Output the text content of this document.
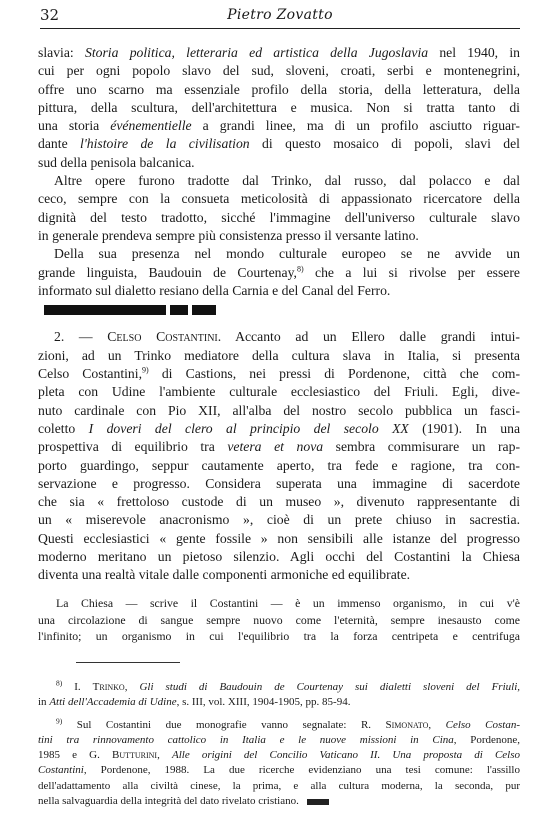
32	Pietro Zovatto
slavia: Storia politica, letteraria ed artistica della Jugoslavia nel 1940, in
cui per ogni popolo slavo del sud, sloveni, croati, serbi e montenegrini,
offre uno scarno ma essenziale profilo della storia, della letteratura, della
pittura, della scultura, dell'architettura e musica. Non si tratta tanto di
una storia événementielle a grandi linee, ma di un profilo asciutto riguar-
dante l'histoire de la civilisation di questo mosaico di popoli, slavi del
sud della penisola balcanica.
Altre opere furono tradotte dal Trinko, dal russo, dal polacco e dal
ceco, sempre con la consueta meticolosità di appassionato ricercatore della
dignità del testo tradotto, sicché l'immagine dell'universo culturale slavo
in generale prendeva sempre più consistenza presso il versante latino.
Della sua presenza nel mondo culturale europeo se ne avvide un
grande linguista, Baudouin de Courtenay,$^{8)}$ che a lui si rivolse per essere
informato sul dialetto resiano della Carnia e del Canal del Ferro.
2. — Celso Costantini. Accanto ad un Ellero dalle grandi intui-
zioni, ad un Trinko mediatore della cultura slava in Italia, si presenta
Celso Costantini,$^{9)}$ di Castions, nei pressi di Pordenone, città che com-
pleta con Udine l'ambiente culturale ecclesiastico del Friuli. Egli, dive-
nuto cardinale con Pio XII, all'alba del nostro secolo pubblica un fasci-
coletto I doveri del clero al principio del secolo XX (1901). In una
prospettiva di equilibrio tra vetera et nova sembra commisurare un rap-
porto guardingo, seppur cautamente aperto, tra fede e ragione, tra con-
servazione e progresso. Considera superata una immagine di sacerdote
che sia « frettoloso custode di un museo », divenuto rappresentante di
un « miserevole anacronismo », cioè di un prete chiuso in sacrestia.
Questi ecclesiastici « gente fossile » non sensibili alle istanze del progresso
moderno meritano un pietoso silenzio. Agli occhi del Costantini la Chiesa
diventa una realtà vitale dalle componenti armoniche ed equilibrate.
La Chiesa — scrive il Costantini — è un immenso organismo, in cui v'è
una circolazione di sangue sempre nuovo come l'eternità, sempre inesausto come
l'infinito; un organismo in cui l'equilibrio tra la forza centripeta e centrifuga
$^{8)}$ I. Trinko, Gli studi di Baudouin de Courtenay sui dialetti sloveni del Friuli,
in Atti dell'Accademia di Udine, s. III, vol. XIII, 1904-1905, pp. 85-94.
$^{9)}$ Sul Costantini due monografie vanno segnalate: R. Simonato, Celso Costan-
tini tra rinnovamento cattolico in Italia e le nuove missioni in Cina, Pordenone,
1985 e G. Butturini, Alle origini del Concilio Vaticano II. Una proposta di Celso
Costantini, Pordenone, 1988. La due ricerche evidenziano una tesi comune: l'assillo
dell'adattamento alla civiltà cinese, la prima, e alla cultura moderna, la seconda, pur
nella salvaguardia della integrità del dato rivelato cristiano.
